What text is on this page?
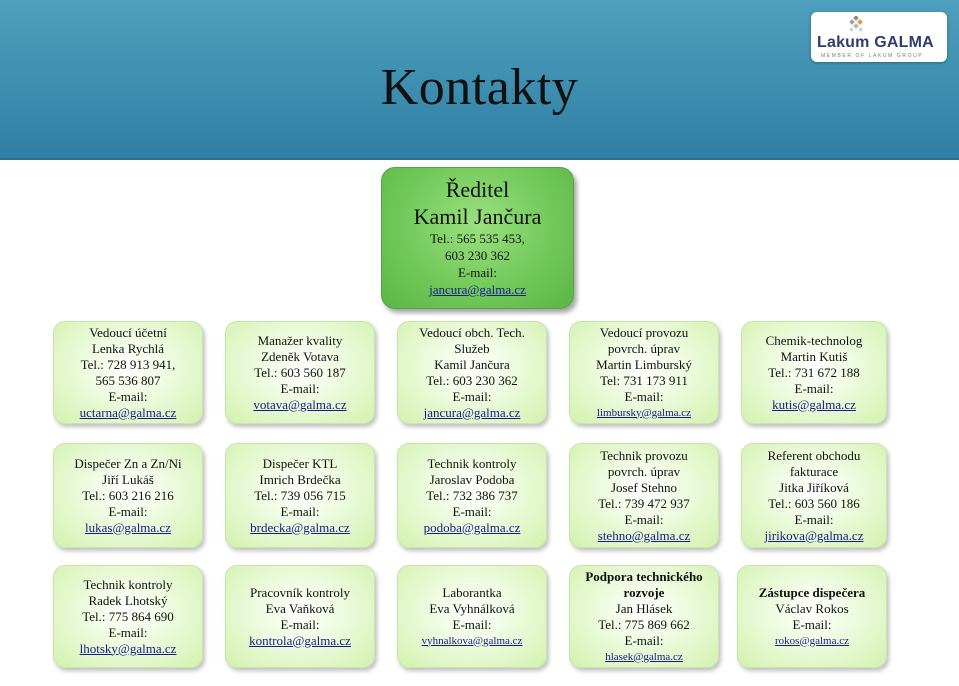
Kontakty
Lakum GALMA
MEMBER OF LAKUM GROUP
Ředitel
Kamil Jančura
Tel.: 565 535 453,
603 230 362
E-mail:
jancura@galma.cz
Vedoucí účetní
Lenka Rychlá
Tel.: 728 913 941,
565 536 807
E-mail:
uctarna@galma.cz
Manažer kvality
Zdeněk Votava
Tel.: 603 560 187
E-mail:
votava@galma.cz
Vedoucí obch. Tech.
Služeb
Kamil Jančura
Tel.: 603 230 362
E-mail:
jancura@galma.cz
Vedoucí provozu
povrch. úprav
Martin Limburský
Tel: 731 173 911
E-mail:
limbursky@galma.cz
Chemik-technolog
Martin Kutiš
Tel.: 731 672 188
E-mail:
kutis@galma.cz
Dispečer Zn a Zn/Ni
Jiří Lukáš
Tel.: 603 216 216
E-mail:
lukas@galma.cz
Dispečer KTL
Imrich Brdečka
Tel.: 739 056 715
E-mail:
brdecka@galma.cz
Technik kontroly
Jaroslav Podoba
Tel.: 732 386 737
E-mail:
podoba@galma.cz
Technik provozu
povrch. úprav
Josef Stehno
Tel.: 739 472 937
E-mail:
stehno@galma.cz
Referent obchodu
fakturace
Jitka Jiříková
Tel.: 603 560 186
E-mail:
jirikova@galma.cz
Technik kontroly
Radek Lhotský
Tel.: 775 864 690
E-mail:
lhotsky@galma.cz
Pracovník kontroly
Eva Vaňková
E-mail:
kontrola@galma.cz
Laborantka
Eva Vyhnálková
E-mail:
vyhnalkova@galma.cz
Podpora technického
rozvoje
Jan Hlásek
Tel.: 775 869 662
E-mail:
hlasek@galma.cz
Zástupce dispečera
Václav Rokos
E-mail:
rokos@galma.cz
